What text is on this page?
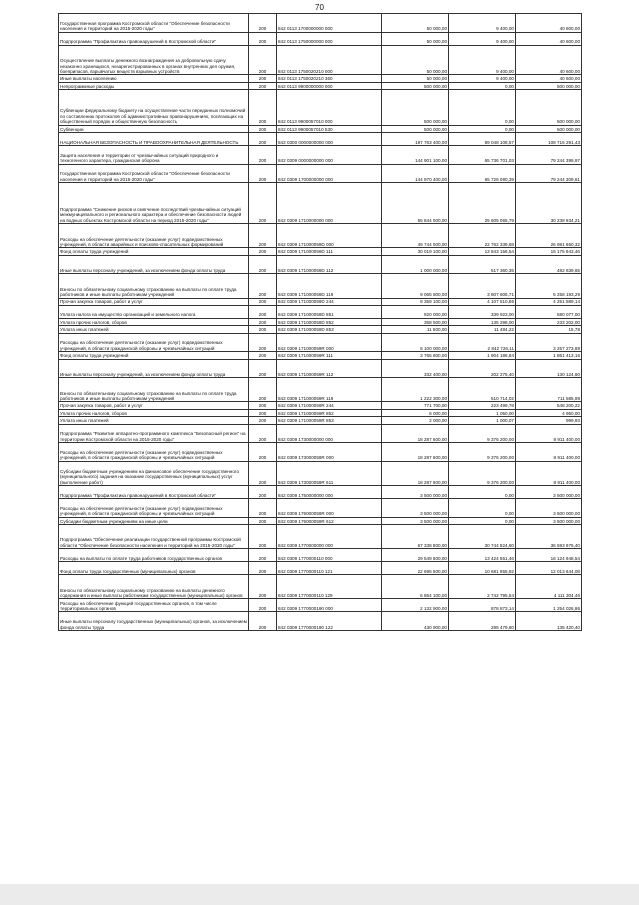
70
Государственная программа Костромской области "Обеспечение безопасности населения и территорий на 2015-2020 годы"	200	842 0113 1700000000 000	50 000,00	9 400,00	40 600,00
Подпрограмма "Профилактика правонарушений в Костромской области"	200	842 0113 1750000000 000	50 000,00	9 400,00	40 600,00
Осуществление выплаты денежного вознаграждения за добровольную сдачу незаконно хранящихся, незарегистрированных в органах внутренних дел оружия, боеприпасов, взрывчатых веществ взрывных устройств	200	842 0113 1750020210 000	50 000,00	9 400,00	40 600,00
Иные выплаты населению	200	842 0113 1750020210 360	50 000,00	9 400,00	40 600,00
Непрограммные расходы	200	842 0113 9900000000 000	500 000,00	0,00	500 000,00
Субвенции федеральному бюджету на осуществление части переданных полномочий по составлению протоколов об административных правонарушениях, посягающих на общественный порядок и общественную безопасность	200	842 0113 9900057010 000	500 000,00	0,00	500 000,00
Субвенции	200	842 0113 9900057010 530	500 000,00	0,00	500 000,00
НАЦИОНАЛЬНАЯ БЕЗОПАСНОСТЬ И ПРАВООХРАНИТЕЛЬНАЯ ДЕЯТЕЛЬНОСТЬ	200	842 0300 0000000000 000	197 763 400,00	89 048 108,57	108 715 291,43
Защита населения и территории от чрезвычайных ситуаций природного и техногенного характера, гражданская оборона	200	842 0309 0000000000 000	144 901 100,00	65 736 701,03	79 244 398,97
Государственная программа Костромской области "Обеспечение безопасности населения и территорий на 2015-2020 годы"	200	842 0309 1700000000 000	144 970 400,00	65 726 090,39	79 244 309,61
Подпрограмма "Снижение рисков и смягчение последствий чрезвычайных ситуаций межмуниципального и регионального характера и обеспечение безопасности людей на водных объектах Костромской области на период 2015-2020 годы"	200	842 0309 1710000000 000	55 844 000,00	25 605 065,79	30 238 934,21
Расходы на обеспечение деятельности (оказание услуг) подведомственных учреждений, в области аварийных и поисково-спасательных формирований	200	842 0309 171000059D 000	49 744 000,00	22 762 339,68	26 981 660,32
Фонд оплаты труда учреждений	200	842 0309 171000059D 111	30 019 100,00	13 843 156,54	16 175 943,46
Иные выплаты персоналу учреждений, за исключением фонда оплаты труда	200	842 0309 171000059D 112	1 000 000,00	517 360,35	482 639,65
Взносы по обязательному социальному страхованию на выплаты по оплате труда работников и иные выплаты работникам учреждений	200	842 0309 171000059D 119	9 065 800,00	3 807 606,71	5 258 193,29
Прочая закупка товаров, работ и услуг	200	842 0309 171000059D 244	8 359 100,00	4 107 510,86	4 251 589,14
Уплата налога на имущество организаций и земельного налога	200	842 0309 171000059D 851	920 000,00	339 923,00	580 077,00
Уплата прочих налогов, сборов	200	842 0309 171000059D 852	368 500,00	135 298,00	233 202,00
Уплата иных платежей	200	842 0309 171000059D 853	11 500,00	11 484,22	15,78
Расходы на обеспечение деятельности (оказание услуг) подведомственных учреждений, в области гражданской обороны и чрезвычайных ситуаций	200	842 0309 171000059R 000	6 100 000,00	2 842 726,11	3 257 273,89
Фонд оплаты труда учреждений	200	842 0309 171000059R 111	3 765 600,00	1 904 186,84	1 861 413,16
Иные выплаты персоналу учреждений, за исключением фонда оплаты труда	200	842 0309 171000059R 112	332 400,00	202 275,40	130 124,60
Взносы по обязательному социальному страхованию на выплаты по оплате труда работников и иные выплаты работникам учреждений	200	842 0309 171000059R 119	1 222 300,00	510 714,02	711 585,98
Прочая закупка товаров, работ и услуг	200	842 0309 171000059R 244	771 700,00	223 499,78	548 200,22
Уплата прочих налогов, сборов	200	842 0309 171000059R 852	6 000,00	1 050,00	4 950,00
Уплата иных платежей	200	842 0309 171000059R 853	2 000,00	1 000,07	999,93
Подпрограмма "Развитие аппаратно-программного комплекса "Безопасный регион" на территории Костромской области на 2015-2020 годы"	200	842 0309 1730000000 000	18 287 600,00	9 376 200,00	8 911 400,00
Расходы на обеспечение деятельности (оказание услуг) подведомственных учреждений, в области гражданской обороны и чрезвычайных ситуаций	200	842 0309 173000059R 000	18 287 600,00	9 376 200,00	8 911 400,00
Субсидии бюджетным учреждениям на финансовое обеспечение государственного (муниципального) задания на оказание государственных (муниципальных) услуг (выполнение работ)	200	842 0309 173000059R 611	18 287 600,00	9 376 200,00	8 911 400,00
Подпрограмма "Профилактика правонарушений в Костромской области"	200	842 0309 1750000000 000	3 500 000,00	0,00	3 500 000,00
Расходы на обеспечение деятельности (оказание услуг) подведомственных учреждений, в области гражданской обороны и чрезвычайных ситуаций	200	842 0309 175000059R 000	3 500 000,00	0,00	3 500 000,00
Субсидии бюджетным учреждениям на иные цели	200	842 0309 175000059R 612	3 500 000,00	0,00	3 500 000,00
Подпрограмма "Обеспечение реализации государственной программы Костромской области "Обеспечение безопасности населения и территорий на 2015-2020 годы"	200	842 0309 1770000000 000	67 338 800,00	30 744 824,60	36 593 975,40
Расходы на выплаты по оплате труда работников государственных органов	200	842 0309 1770000110 000	29 549 600,00	13 424 651,46	16 124 948,54
Фонд оплаты труда государственных (муниципальных) органов	200	842 0309 1770000110 121	22 695 500,00	10 681 855,92	12 013 644,08
Взносы по обязательному социальному страхованию на выплаты денежного содержания и иные выплаты работникам государственных (муниципальных) органов	200	842 0309 1770000110 129	6 854 100,00	2 742 795,54	4 111 304,46
Расходы на обеспечение функций государственных органов, в том числе территориальных органов	200	842 0309 1770000190 000	2 132 900,00	878 873,14	1 254 026,86
Иные выплаты персоналу государственных (муниципальных) органов, за исключением фонда оплаты труда	200	842 0309 1770000190 122	430 900,00	295 479,60	135 420,40
